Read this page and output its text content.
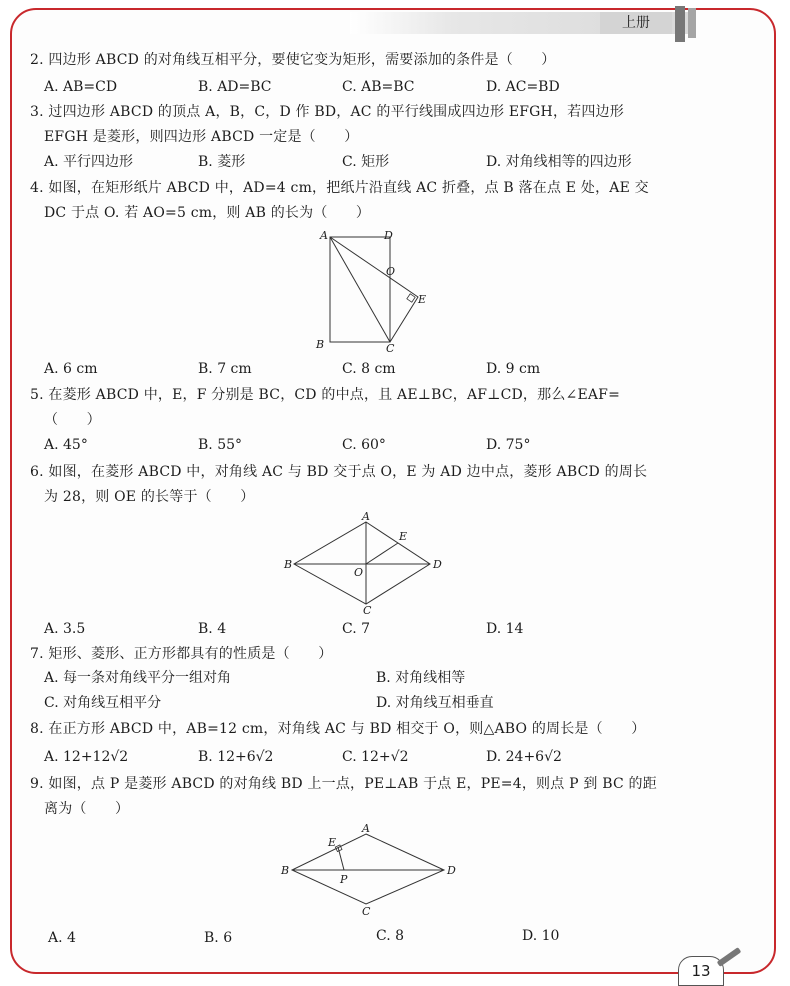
上册
2. 四边形 ABCD 的对角线互相平分，要使它变为矩形，需要添加的条件是（　　）
A. AB=CD	B. AD=BC	C. AB=BC	D. AC=BD
3. 过四边形 ABCD 的顶点 A，B，C，D 作 BD，AC 的平行线围成四边形 EFGH，若四边形
EFGH 是菱形，则四边形 ABCD 一定是（　　）
A. 平行四边形	B. 菱形	C. 矩形	D. 对角线相等的四边形
4. 如图，在矩形纸片 ABCD 中，AD=4 cm，把纸片沿直线 AC 折叠，点 B 落在点 E 处，AE 交
DC 于点 O. 若 AO=5 cm，则 AB 的长为（　　）
A	D
O
E
B	C
A. 6 cm	B. 7 cm	C. 8 cm	D. 9 cm
5. 在菱形 ABCD 中，E，F 分别是 BC，CD 的中点，且 AE⊥BC，AF⊥CD，那么∠EAF=
（　　）
A. 45°	B. 55°	C. 60°	D. 75°
6. 如图，在菱形 ABCD 中，对角线 AC 与 BD 交于点 O，E 为 AD 边中点，菱形 ABCD 的周长
为 28，则 OE 的长等于（　　）
A
E
B
O
D
C
A. 3.5	B. 4	C. 7	D. 14
7. 矩形、菱形、正方形都具有的性质是（　　）
A. 每一条对角线平分一组对角	B. 对角线相等
C. 对角线互相平分	D. 对角线互相垂直
8. 在正方形 ABCD 中，AB=12 cm，对角线 AC 与 BD 相交于 O，则△ABO 的周长是（　　）
A. 12+12√2	B. 12+6√2	C. 12+√2	D. 24+6√2
9. 如图，点 P 是菱形 ABCD 的对角线 BD 上一点，PE⊥AB 于点 E，PE=4，则点 P 到 BC 的距
离为（　　）
E
A
B	D
P
C
A. 4	B. 6	C. 8	D. 10
13
